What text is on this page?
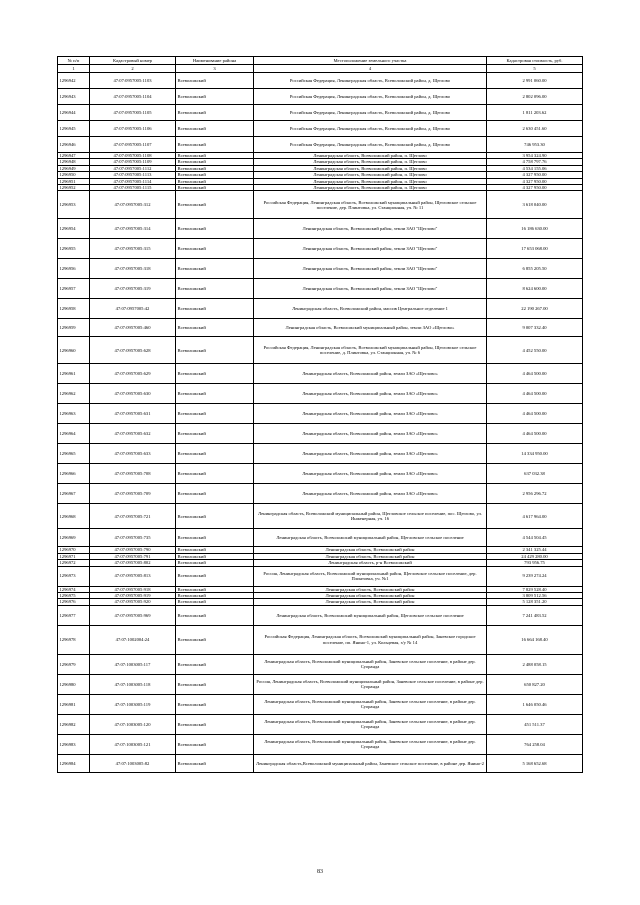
№ п/п	Кадастровый номер	Наименование района	Местоположение земельного участка	Кадастровая стоимость, руб.
1	2	3	4	5
1296942	47:07:0957005:1103	Всеволожский	Российская Федерация, Ленинградская область, Всеволожский район, д. Щеглово	2 991 060.00
1296943	47:07:0957005:1104	Всеволожский	Российская Федерация, Ленинградская область, Всеволожский район, д. Щеглово	2 802 096.00
1296944	47:07:0957005:1105	Всеволожский	Российская Федерация, Ленинградская область, Всеволожский район, д. Щеглово	1 811 203.62
1296945	47:07:0957005:1106	Всеволожский	Российская Федерация, Ленинградская область, Всеволожский район, д. Щеглово	2 630 451.60
1296946	47:07:0957005:1107	Всеволожский	Российская Федерация, Ленинградская область, Всеволожский район, д. Щеглово	746 953.30
1296947	47:07:0957005:1108	Всеволожский	Ленинградская область, Всеволожский район, п. Щеглово	3 954 324.90
1296948	47:07:0957005:1109	Всеволожский	Ленинградская область, Всеволожский район, п. Щеглово	4 758 797.76
1296949	47:07:0957005:1112	Всеволожский	Ленинградская область, Всеволожский район, п. Щеглово	4 534 155.06
1296950	47:07:0957005:1113	Всеволожский	Ленинградская область, Всеволожский район, п. Щеглово	4 327 950.00
1296951	47:07:0957005:1114	Всеволожский	Ленинградская область, Всеволожский район, п. Щеглово	4 327 950.00
1296952	47:07:0957005:1115	Всеволожский	Ленинградская область, Всеволожский район, п. Щеглово	4 327 950.00
1296953	47:07:0957005:312	Всеволожский	Российская Федерация, Ленинградская область, Всеволожский муниципальный район, Щегловское сельское поселение, дер. Плинтовка, ул. Станционная, уч. № 11	3 618 040.00
1296954	47:07:0957005:314	Всеволожский	Ленинградская область, Всеволожский район, земли ЗАО "Щеглово"	16 186 630.00
1296955	47:07:0957005:315	Всеволожский	Ленинградская область, Всеволожский район, земли ЗАО "Щеглово"	17 653 068.00
1296956	47:07:0957005:318	Всеволожский	Ленинградская область, Всеволожский район, земли ЗАО "Щеглово"	6 855 205.50
1296957	47:07:0957005:319	Всеволожский	Ленинградская область, Всеволожский район, земли ЗАО "Щеглово"	8 624 600.00
1296958	47:07:0957005:42	Всеволожский	Ленинградская область, Всеволожский район, массив Центральное отделение 1	22 190 267.00
1296959	47:07:0957005:460	Всеволожский	Ленинградская область, Всеволожский муниципальный район, земли ЗАО «Щеглово»	9 007 332.40
1296960	47:07:0957005:628	Всеволожский	Российская Федерация, Ленинградская область, Всеволожский муниципальный район, Щегловское сельское поселение, д. Плинтовка, ул. Станционная, уч. № 6	4 452 550.00
1296961	47:07:0957005:629	Всеволожский	Ленинградская область, Всеволожский район, земли ЗАО «Щеглово»	4 464 500.00
1296962	47:07:0957005:630	Всеволожский	Ленинградская область, Всеволожский район, земли ЗАО «Щеглово»	4 464 500.00
1296963	47:07:0957005:631	Всеволожский	Ленинградская область, Всеволожский район, земли ЗАО «Щеглово»	4 464 500.00
1296964	47:07:0957005:632	Всеволожский	Ленинградская область, Всеволожский район, земли ЗАО «Щеглово»	4 464 500.00
1296965	47:07:0957005:633	Всеволожский	Ленинградская область, Всеволожский район, земли ЗАО «Щеглово»	14 334 950.00
1296966	47:07:0957005:708	Всеволожский	Ленинградская область, Всеволожский район, земли ЗАО «Щеглово»	637 032.38
1296967	47:07:0957005:709	Всеволожский	Ленинградская область, Всеволожский район, земли ЗАО «Щеглово»	2 956 296.72
1296968	47:07:0957005:721	Всеволожский	Ленинградская область, Всеволожский муниципальный район, Щегловское сельское поселение, пос. Щеглово, ул. Инженерная, уч. 16	4 617 964.00
1296969	47:07:0957005:735	Всеволожский	Ленинградская область, Всеволожский муниципальный район, Щегловское сельское поселение	4 544 504.45
1296970	47:07:0957005:790	Всеволожский	Ленинградская область, Всеволожский район	2 341 325.44
1296971	47:07:0957005:791	Всеволожский	Ленинградская область, Всеволожский район	24 429 280.00
1296972	47:07:0957005:802	Всеволожский	Ленинградская область, р-н Всеволожский	793 956.75
1296973	47:07:0957005:813	Всеволожский	Россия, Ленинградская область, Всеволожский муниципальный район, Щегловское сельское поселение, дер. Плинтовка, уч. №1	9 239 274.24
1296974	47:07:0957005:918	Всеволожский	Ленинградская область, Всеволожский район	7 829 528.40
1296975	47:07:0957005:919	Всеволожский	Ленинградская область, Всеволожский район	3 809 512.56
1296976	47:07:0957005:920	Всеволожский	Ленинградская область, Всеволожский район	5 128 351.20
1296977	47:07:0957005:969	Всеволожский	Ленинградская область, Всеволожский муниципальный район, Щегловское сельское поселение	7 241 483.52
1296978	47:07:1002004:24	Всеволожский	Российская Федерация, Ленинградская область, Всеволожский муниципальный район, Заневское городское поселение, пп. Янино-1, ул. Кольцевая, з/у № 14	16 664 168.40
1296979	47:07:1003005:117	Всеволожский	Ленинградская область, Всеволожский муниципальный район, Заневское сельское поселение, в районе дер. Суоранда	2 488 058.15
1296980	47:07:1003005:118	Всеволожский	Россия, Ленинградская область, Всеволожский муниципальный район, Заневское сельское поселение, в районе дер. Суоранда	650 827.20
1296981	47:07:1003005:119	Всеволожский	Ленинградская область, Всеволожский муниципальный район, Заневское сельское поселение, в районе дер. Суоранда	1 646 050.46
1296982	47:07:1003005:120	Всеволожский	Ленинградская область, Всеволожский муниципальный район, Заневское сельское поселение, в районе дер. Суоранда	451 511.37
1296983	47:07:1003005:121	Всеволожский	Ленинградская область, Всеволожский муниципальный район, Заневское сельское поселение, в районе дер. Суоранда	764 258.04
1296984	47:07:1003005:82	Всеволожский	Ленинградская область,Всеволожский муниципальный район, Заневское сельское поселение, в районе дер. Янино-2	5 168 652.68
83
